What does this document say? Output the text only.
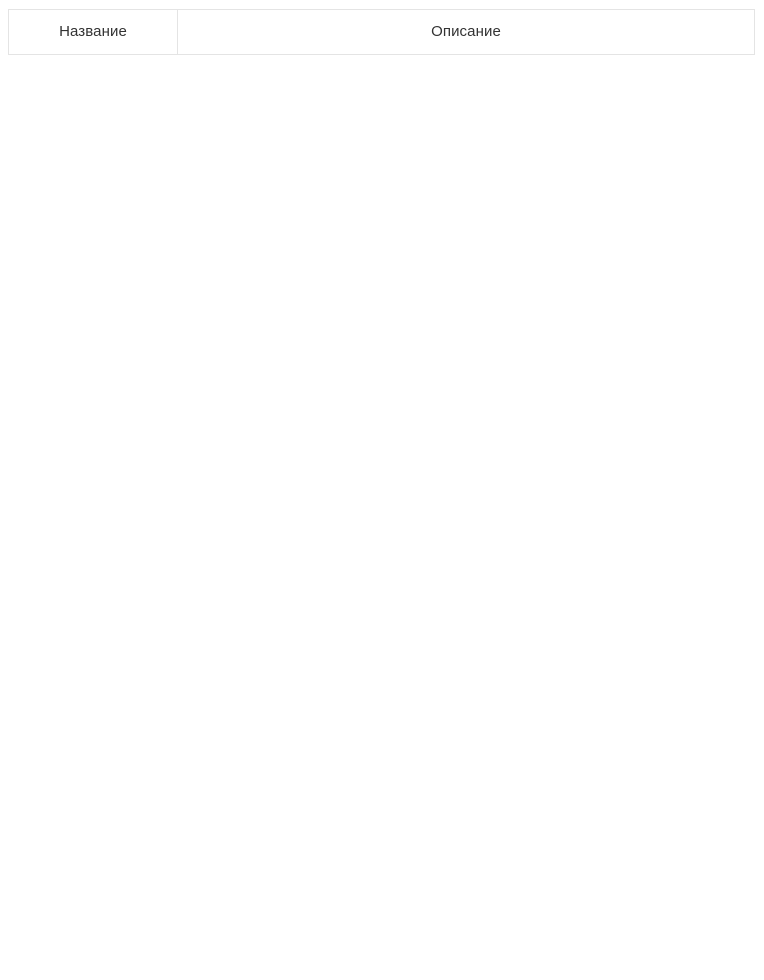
Название	Описание
